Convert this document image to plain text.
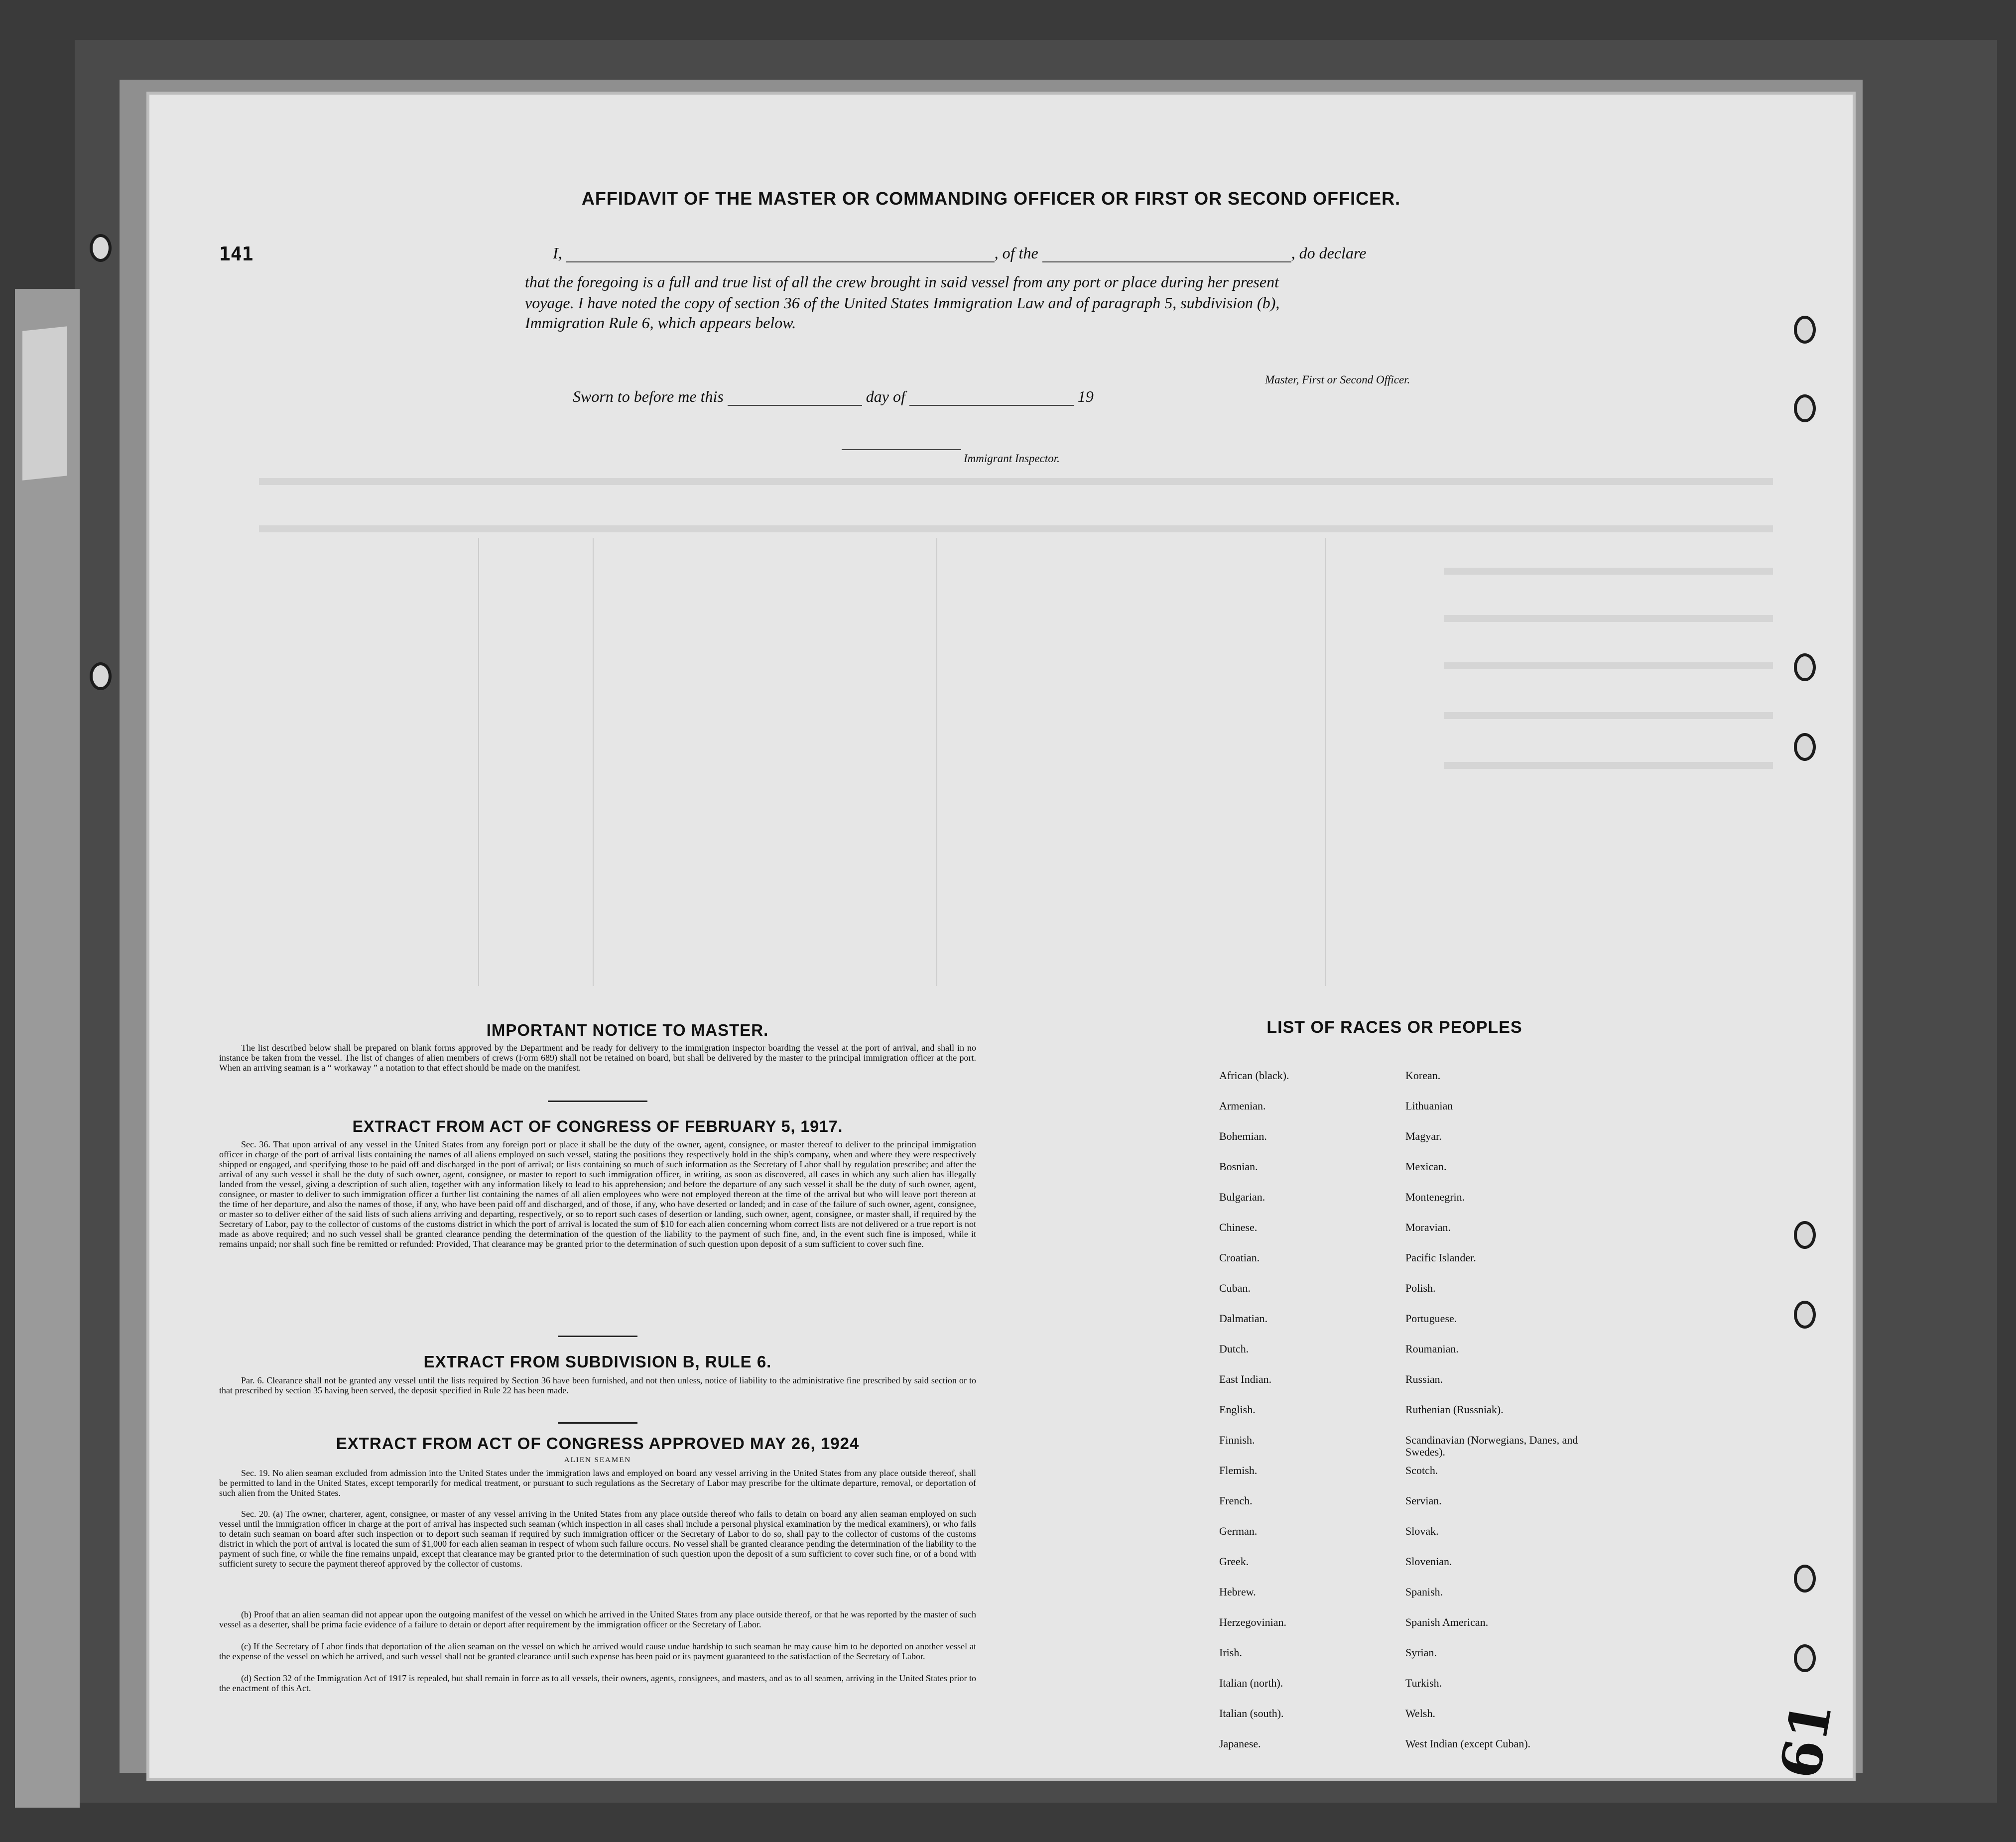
141
AFFIDAVIT OF THE MASTER OR COMMANDING OFFICER OR FIRST OR SECOND OFFICER.
I,	, of the	, do declare
that the foregoing is a full and true list of all the crew brought in said vessel from any port or place during her present
voyage. I have noted the copy of section 36 of the United States Immigration Law and of paragraph 5, subdivision (b),
Immigration Rule 6, which appears below.
Master, First or Second Officer.
Sworn to before me this	day of	19
Immigrant Inspector.
IMPORTANT NOTICE TO MASTER.
The list described below shall be prepared on blank forms approved by the Department and be ready for delivery to the immigration inspector boarding the vessel at the port of arrival, and shall in no instance be taken from the vessel. The list of changes of alien members of crews (Form 689) shall not be retained on board, but shall be delivered by the master to the principal immigration officer at the port. When an arriving seaman is a “ workaway ” a notation to that effect should be made on the manifest.
EXTRACT FROM ACT OF CONGRESS OF FEBRUARY 5, 1917.
Sec. 36. That upon arrival of any vessel in the United States from any foreign port or place it shall be the duty of the owner, agent, consignee, or master thereof to deliver to the principal immigration officer in charge of the port of arrival lists containing the names of all aliens employed on such vessel, stating the positions they respectively hold in the ship's company, when and where they were respectively shipped or engaged, and specifying those to be paid off and discharged in the port of arrival; or lists containing so much of such information as the Secretary of Labor shall by regulation prescribe; and after the arrival of any such vessel it shall be the duty of such owner, agent, consignee, or master to report to such immigration officer, in writing, as soon as discovered, all cases in which any such alien has illegally landed from the vessel, giving a description of such alien, together with any information likely to lead to his apprehension; and before the departure of any such vessel it shall be the duty of such owner, agent, consignee, or master to deliver to such immigration officer a further list containing the names of all alien employees who were not employed thereon at the time of the arrival but who will leave port thereon at the time of her departure, and also the names of those, if any, who have been paid off and discharged, and of those, if any, who have deserted or landed; and in case of the failure of such owner, agent, consignee, or master so to deliver either of the said lists of such aliens arriving and departing, respectively, or so to report such cases of desertion or landing, such owner, agent, consignee, or master shall, if required by the Secretary of Labor, pay to the collector of customs of the customs district in which the port of arrival is located the sum of $10 for each alien concerning whom correct lists are not delivered or a true report is not made as above required; and no such vessel shall be granted clearance pending the determination of the question of the liability to the payment of such fine, and, in the event such fine is imposed, while it remains unpaid; nor shall such fine be remitted or refunded: Provided, That clearance may be granted prior to the determination of such question upon deposit of a sum sufficient to cover such fine.
EXTRACT FROM SUBDIVISION B, RULE 6.
Par. 6. Clearance shall not be granted any vessel until the lists required by Section 36 have been furnished, and not then unless, notice of liability to the administrative fine prescribed by said section or to that prescribed by section 35 having been served, the deposit specified in Rule 22 has been made.
EXTRACT FROM ACT OF CONGRESS APPROVED MAY 26, 1924
ALIEN SEAMEN
Sec. 19. No alien seaman excluded from admission into the United States under the immigration laws and employed on board any vessel arriving in the United States from any place outside thereof, shall be permitted to land in the United States, except temporarily for medical treatment, or pursuant to such regulations as the Secretary of Labor may prescribe for the ultimate departure, removal, or deportation of such alien from the United States.
Sec. 20. (a) The owner, charterer, agent, consignee, or master of any vessel arriving in the United States from any place outside thereof who fails to detain on board any alien seaman employed on such vessel until the immigration officer in charge at the port of arrival has inspected such seaman (which inspection in all cases shall include a personal physical examination by the medical examiners), or who fails to detain such seaman on board after such inspection or to deport such seaman if required by such immigration officer or the Secretary of Labor to do so, shall pay to the collector of customs of the customs district in which the port of arrival is located the sum of $1,000 for each alien seaman in respect of whom such failure occurs. No vessel shall be granted clearance pending the determination of the liability to the payment of such fine, or while the fine remains unpaid, except that clearance may be granted prior to the determination of such question upon the deposit of a sum sufficient to cover such fine, or of a bond with sufficient surety to secure the payment thereof approved by the collector of customs.
(b) Proof that an alien seaman did not appear upon the outgoing manifest of the vessel on which he arrived in the United States from any place outside thereof, or that he was reported by the master of such vessel as a deserter, shall be prima facie evidence of a failure to detain or deport after requirement by the immigration officer or the Secretary of Labor.
(c) If the Secretary of Labor finds that deportation of the alien seaman on the vessel on which he arrived would cause undue hardship to such seaman he may cause him to be deported on another vessel at the expense of the vessel on which he arrived, and such vessel shall not be granted clearance until such expense has been paid or its payment guaranteed to the satisfaction of the Secretary of Labor.
(d) Section 32 of the Immigration Act of 1917 is repealed, but shall remain in force as to all vessels, their owners, agents, consignees, and masters, and as to all seamen, arriving in the United States prior to the enactment of this Act.
LIST OF RACES OR PEOPLES
African (black).
Armenian.
Bohemian.
Bosnian.
Bulgarian.
Chinese.
Croatian.
Cuban.
Dalmatian.
Dutch.
East Indian.
English.
Finnish.
Flemish.
French.
German.
Greek.
Hebrew.
Herzegovinian.
Irish.
Italian (north).
Italian (south).
Japanese.
Korean.
Lithuanian
Magyar.
Mexican.
Montenegrin.
Moravian.
Pacific Islander.
Polish.
Portuguese.
Roumanian.
Russian.
Ruthenian (Russniak).
Scandinavian (Norwegians, Danes, and Swedes).
Scotch.
Servian.
Slovak.
Slovenian.
Spanish.
Spanish American.
Syrian.
Turkish.
Welsh.
West Indian (except Cuban).	61
